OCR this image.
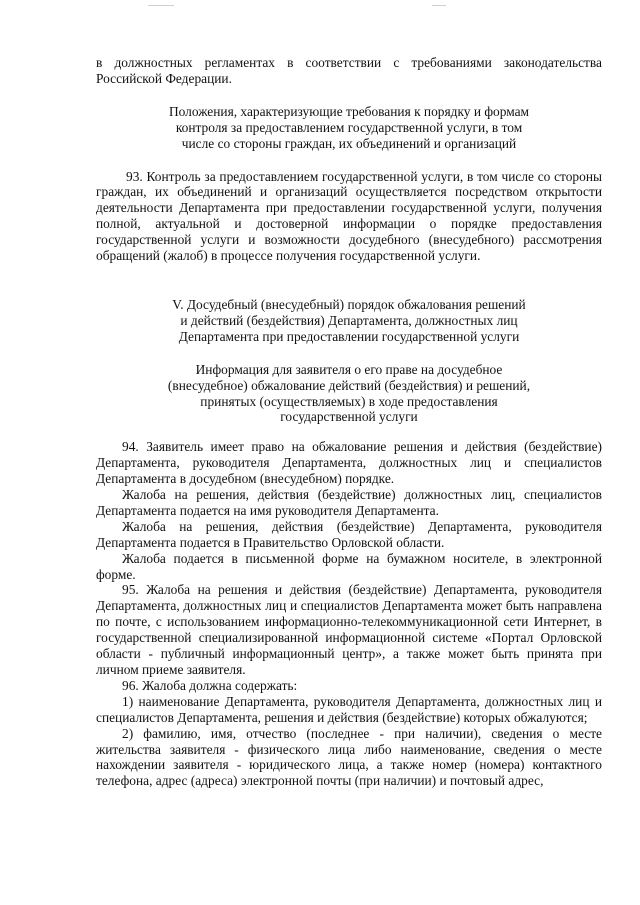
в должностных регламентах в соответствии с требованиями законодательства Российской Федерации.

Положения, характеризующие требования к порядку и формам

контроля за предоставлением государственной услуги, в том

числе со стороны граждан, их объединений и организаций

93. Контроль за предоставлением государственной услуги, в том числе со стороны граждан, их объединений и организаций осуществляется посредством открытости деятельности Департамента при предоставлении государственной услуги, получения полной, актуальной и достоверной информации о порядке предоставления государственной услуги и возможности досудебного (внесудебного) рассмотрения обращений (жалоб) в процессе получения государственной услуги.

V. Досудебный (внесудебный) порядок обжалования решений

и действий (бездействия) Департамента, должностных лиц

Департамента при предоставлении государственной услуги

Информация для заявителя о его праве на досудебное

(внесудебное) обжалование действий (бездействия) и решений,

принятых (осуществляемых) в ходе предоставления

государственной услуги

94. Заявитель имеет право на обжалование решения и действия (бездействие) Департамента, руководителя Департамента, должностных лиц и специалистов Департамента в досудебном (внесудебном) порядке.

Жалоба на решения, действия (бездействие) должностных лиц, специалистов Департамента подается на имя руководителя Департамента.

Жалоба на решения, действия (бездействие) Департамента, руководителя Департамента подается в Правительство Орловской области.

Жалоба подается в письменной форме на бумажном носителе, в электронной форме.

95. Жалоба на решения и действия (бездействие) Департамента, руководителя Департамента, должностных лиц и специалистов Департамента может быть направлена по почте, с использованием информационно-телекоммуникационной сети Интернет, в государственной специализированной информационной системе «Портал Орловской области - публичный информационный центр», а также может быть принята при личном приеме заявителя.

96. Жалоба должна содержать:

1) наименование Департамента, руководителя Департамента, должностных лиц и специалистов Департамента, решения и действия (бездействие) которых обжалуются;

2) фамилию, имя, отчество (последнее - при наличии), сведения о месте жительства заявителя - физического лица либо наименование, сведения о месте нахождении заявителя - юридического лица, а также номер (номера) контактного телефона, адрес (адреса) электронной почты (при наличии) и почтовый адрес,
